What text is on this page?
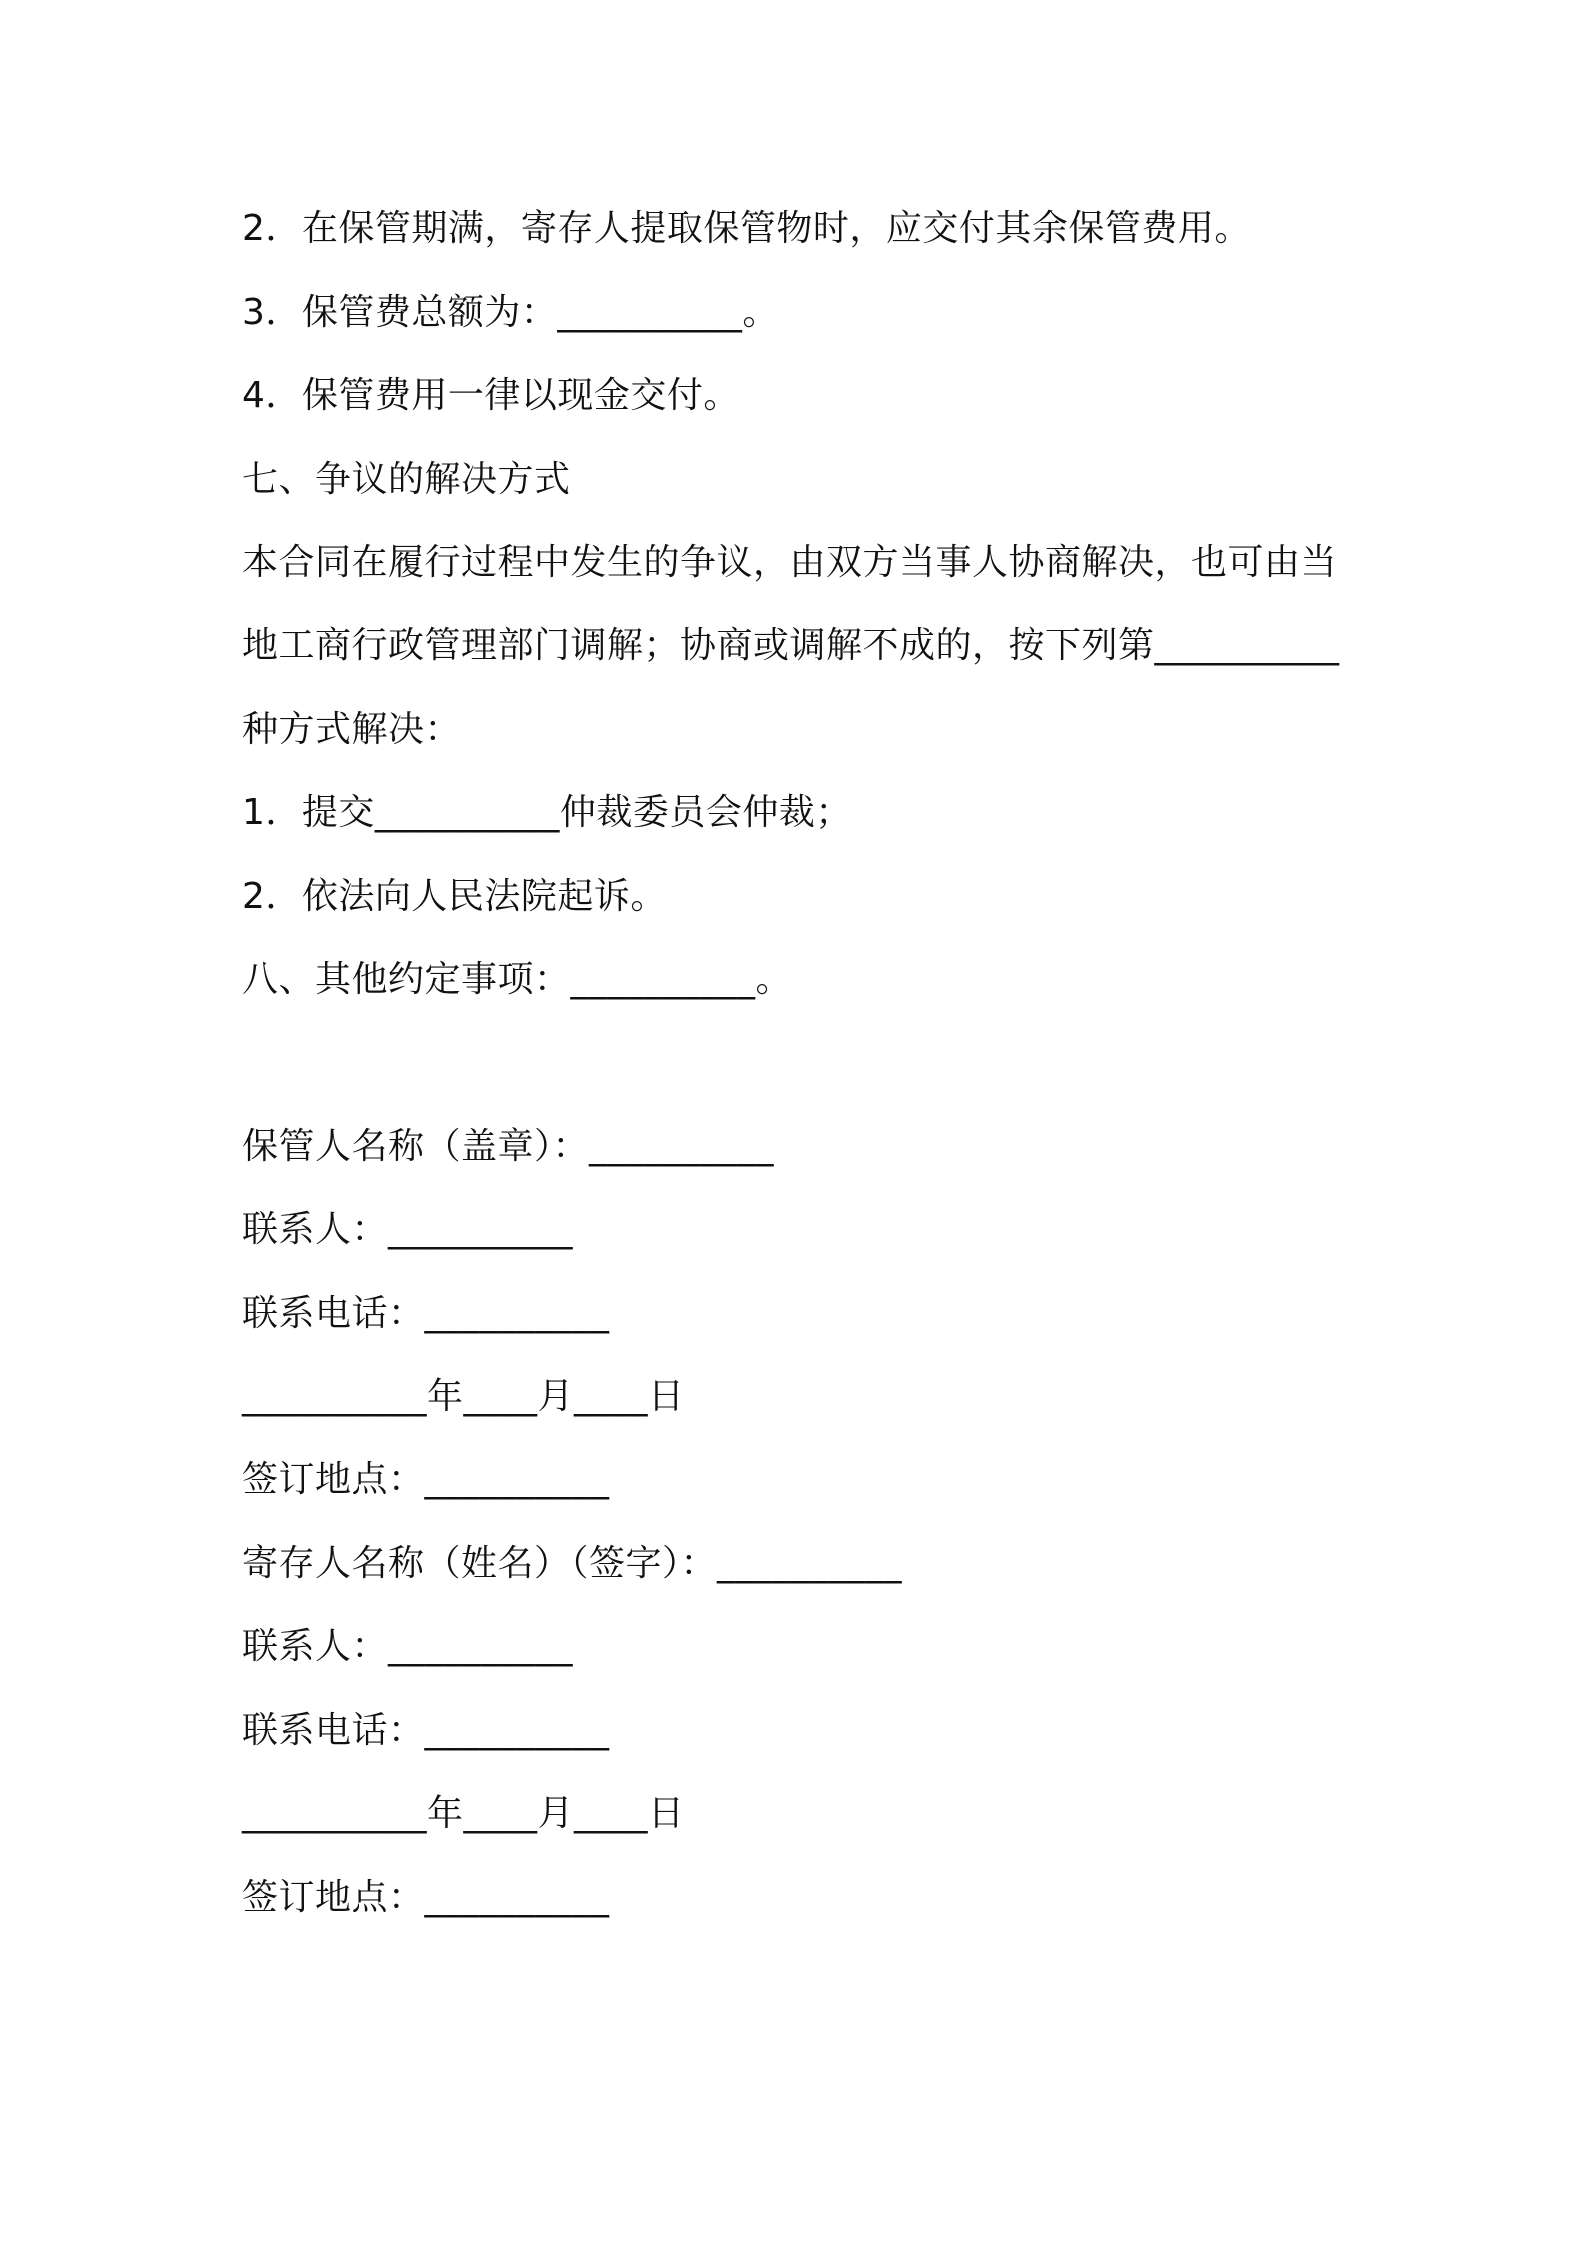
2．在保管期满，寄存人提取保管物时，应交付其余保管费用。
3．保管费总额为：__________。
4．保管费用一律以现金交付。
七、争议的解决方式
本合同在履行过程中发生的争议，由双方当事人协商解决，也可由当
地工商行政管理部门调解；协商或调解不成的，按下列第__________
种方式解决：
1．提交__________仲裁委员会仲裁；
2．依法向人民法院起诉。
八、其他约定事项：__________。
保管人名称（盖章）：__________
联系人：__________
联系电话：__________
__________年____月____日
签订地点：__________
寄存人名称（姓名）（签字）：__________
联系人：__________
联系电话：__________
__________年____月____日
签订地点：__________
